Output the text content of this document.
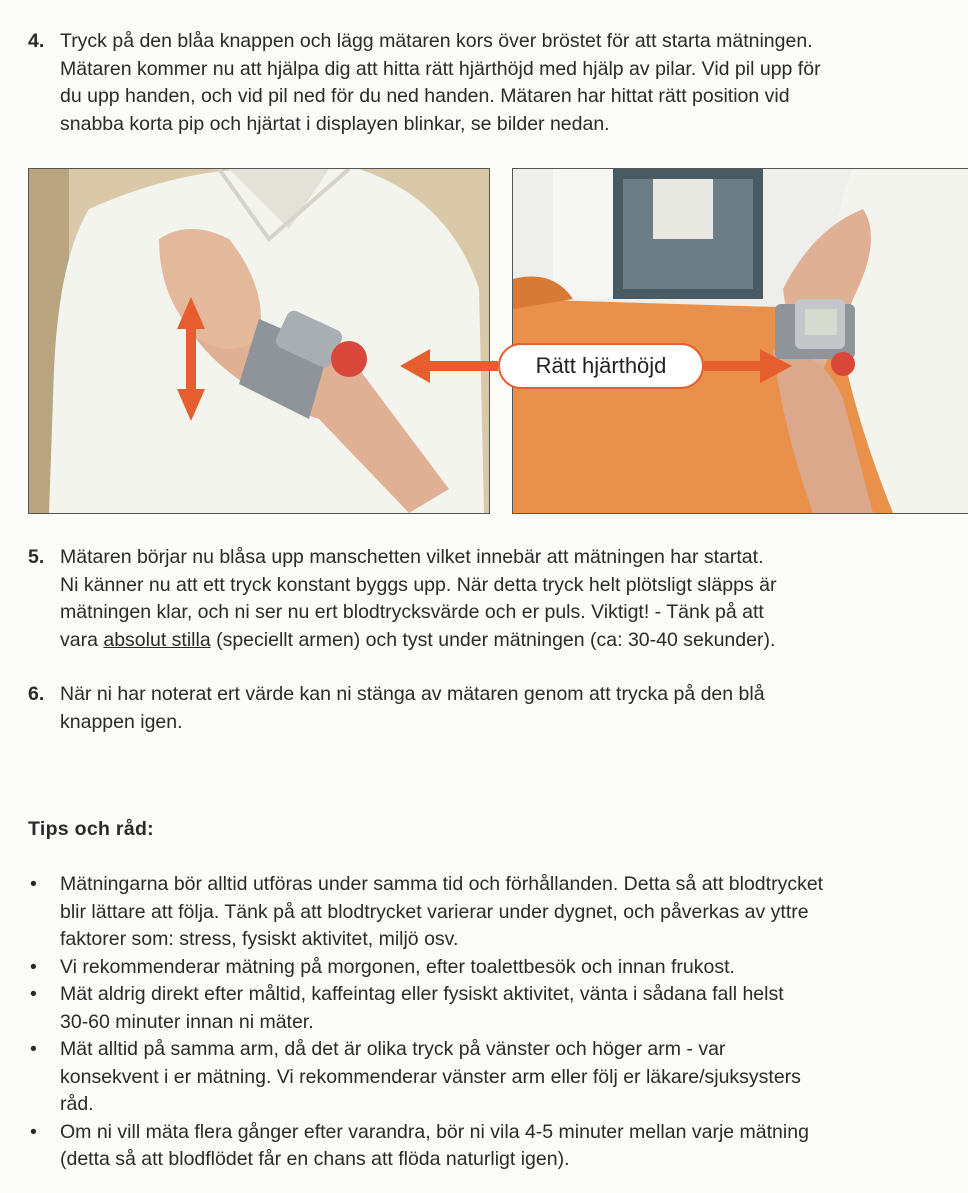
4. Tryck på den blåa knappen och lägg mätaren kors över bröstet för att starta mätningen.

Mätaren kommer nu att hjälpa dig att hitta rätt hjärthöjd med hjälp av pilar. Vid pil upp för

du upp handen, och vid pil ned för du ned handen. Mätaren har hittat rätt position vid

snabba korta pip och hjärtat i displayen blinkar, se bilder nedan.

Rätt hjärthöjd
5. Mätaren börjar nu blåsa upp manschetten vilket innebär att mätningen har startat.

Ni känner nu att ett tryck konstant byggs upp. När detta tryck helt plötsligt släpps är

mätningen klar, och ni ser nu ert blodtrycksvärde och er puls. Viktigt! - Tänk på att

vara absolut stilla (speciellt armen) och tyst under mätningen (ca: 30-40 sekunder).

6. När ni har noterat ert värde kan ni stänga av mätaren genom att trycka på den blå

knappen igen.

Tips och råd:
• Mätningarna bör alltid utföras under samma tid och förhållanden. Detta så att blodtrycket

blir lättare att följa. Tänk på att blodtrycket varierar under dygnet, och påverkas av yttre

faktorer som: stress, fysiskt aktivitet, miljö osv.

• Vi rekommenderar mätning på morgonen, efter toalettbesök och innan frukost.

• Mät aldrig direkt efter måltid, kaffeintag eller fysiskt aktivitet, vänta i sådana fall helst

30-60 minuter innan ni mäter.

• Mät alltid på samma arm, då det är olika tryck på vänster och höger arm - var

konsekvent i er mätning. Vi rekommenderar vänster arm eller följ er läkare/sjuksysters

råd.

• Om ni vill mäta flera gånger efter varandra, bör ni vila 4-5 minuter mellan varje mätning

(detta så att blodflödet får en chans att flöda naturligt igen).
